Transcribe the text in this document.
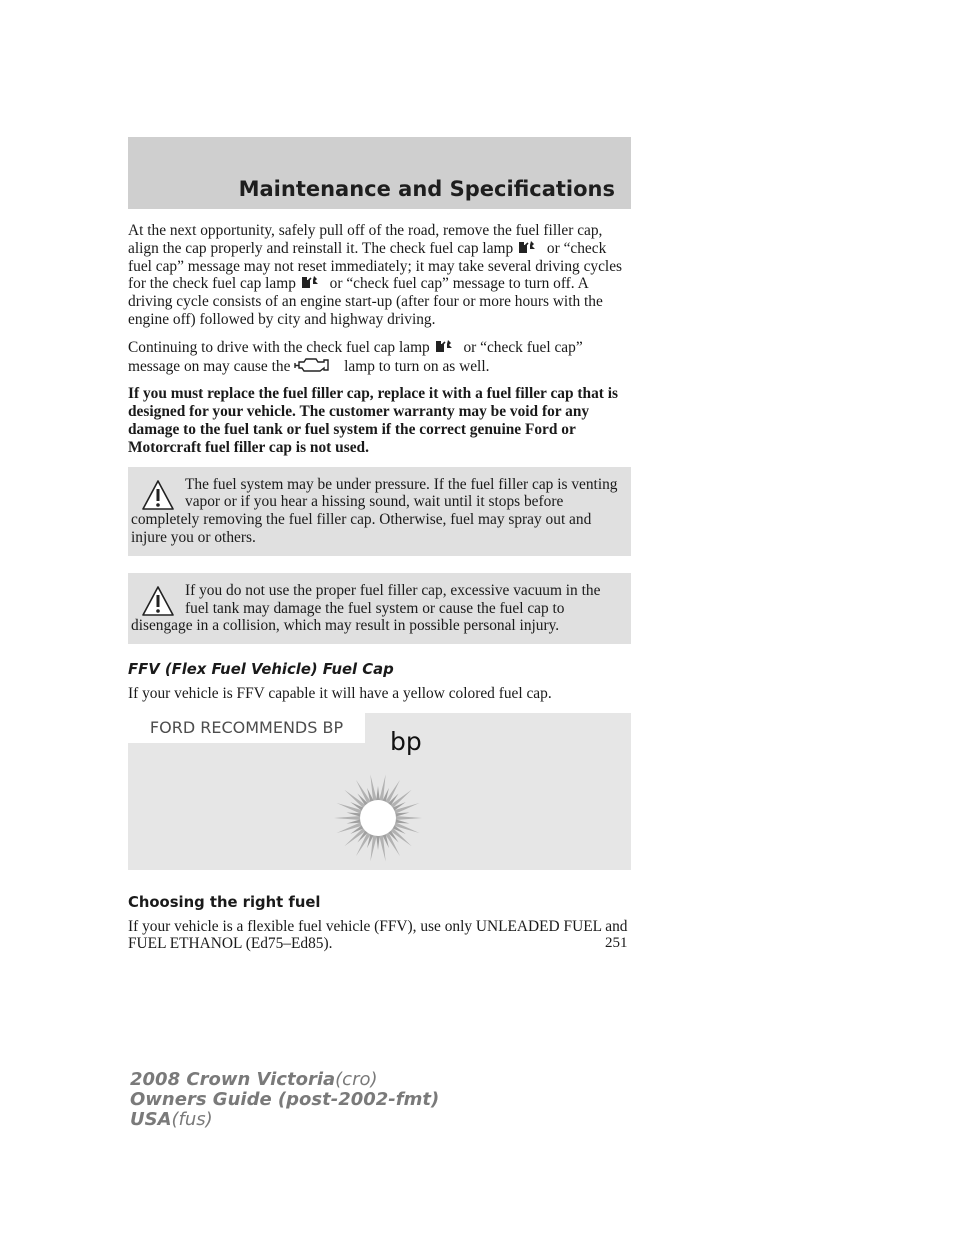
Maintenance and Specifications

At the next opportunity, safely pull off of the road, remove the fuel filler cap, align the cap properly and reinstall it. The check fuel cap lamp or “check fuel cap” message may not reset immediately; it may take several driving cycles for the check fuel cap lamp or “check fuel cap” message to turn off. A driving cycle consists of an engine start-up (after four or more hours with the engine off) followed by city and highway driving.

Continuing to drive with the check fuel cap lamp or “check fuel cap” message on may cause the	lamp to turn on as well.

If you must replace the fuel filler cap, replace it with a fuel filler cap that is designed for your vehicle. The customer warranty may be void for any damage to the fuel tank or fuel system if the correct genuine Ford or Motorcraft fuel filler cap is not used.

The fuel system may be under pressure. If the fuel filler cap is venting vapor or if you hear a hissing sound, wait until it stops before completely removing the fuel filler cap. Otherwise, fuel may spray out and injure you or others.

If you do not use the proper fuel filler cap, excessive vacuum in the fuel tank may damage the fuel system or cause the fuel cap to disengage in a collision, which may result in possible personal injury.

FFV (Flex Fuel Vehicle) Fuel Cap

If your vehicle is FFV capable it will have a yellow colored fuel cap.

FORD RECOMMENDS BP	bp
Choosing the right fuel

If your vehicle is a flexible fuel vehicle (FFV), use only UNLEADED FUEL and FUEL ETHANOL (Ed75–Ed85).	251
2008 Crown Victoria(cro)
Owners Guide (post-2002-fmt)
USA(fus)
